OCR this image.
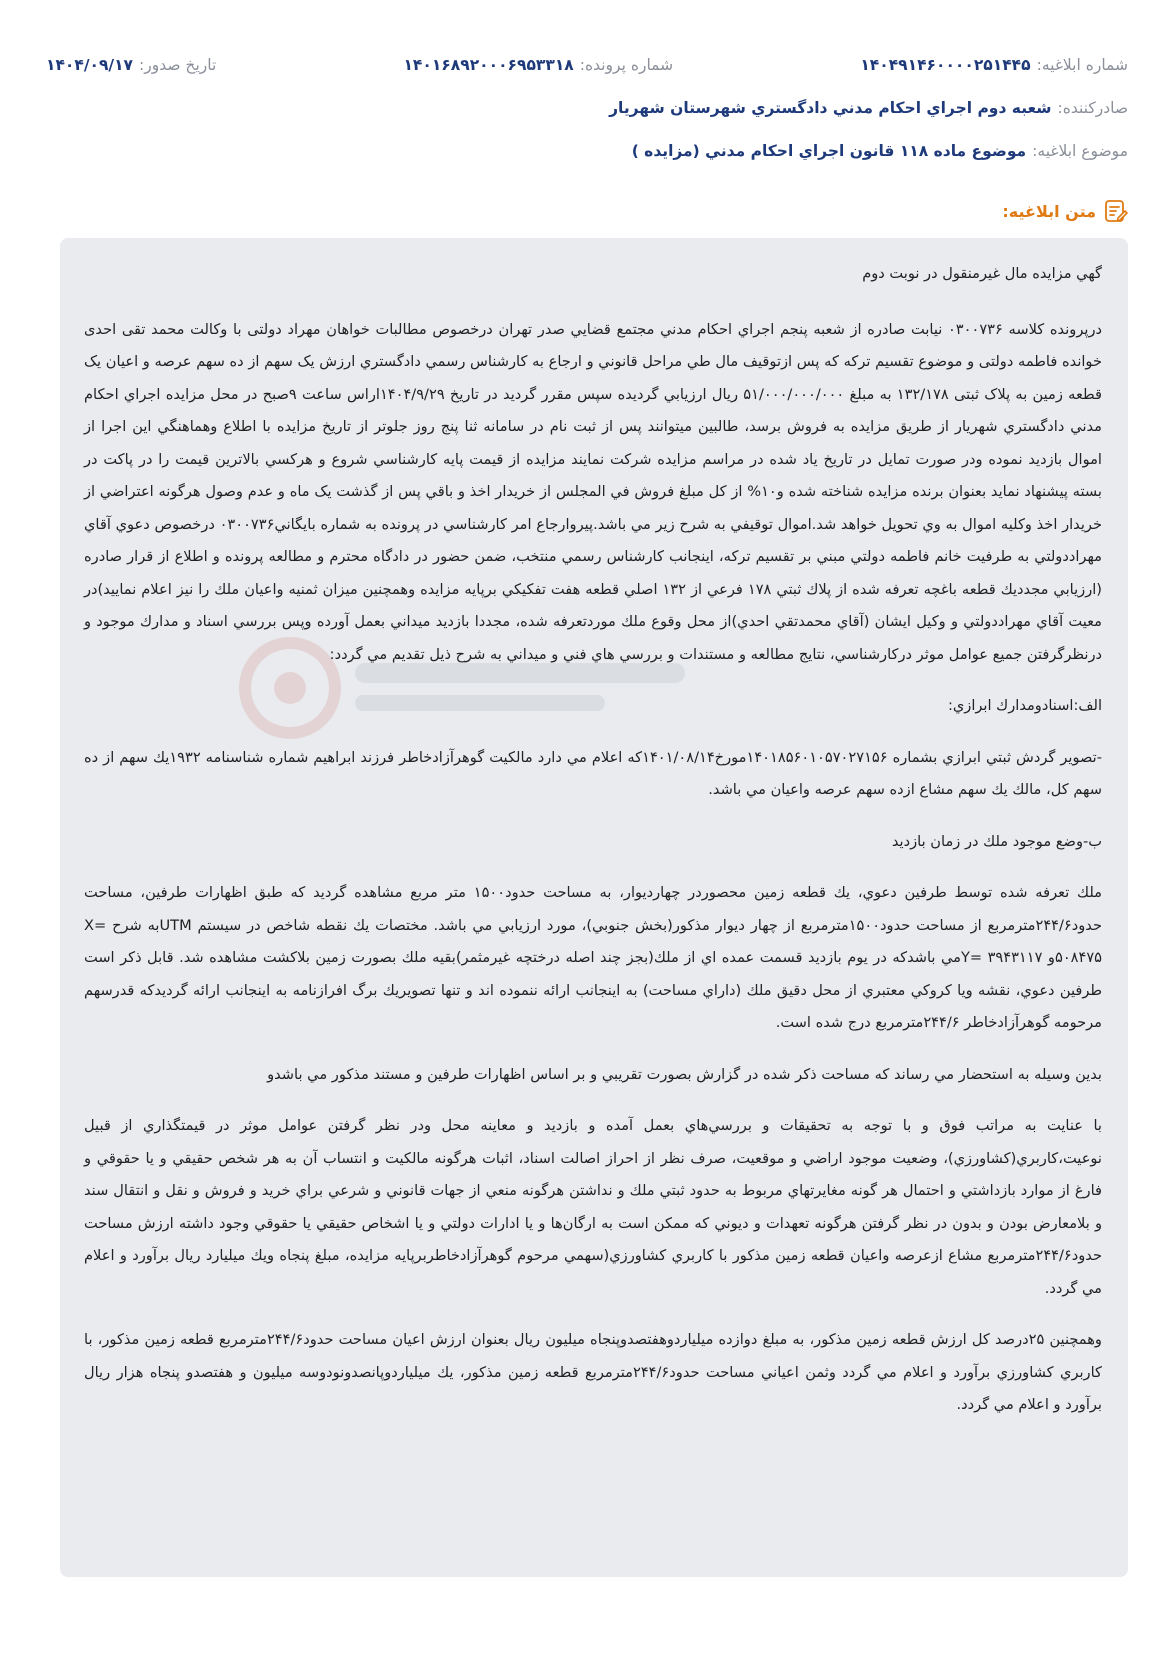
شماره ابلاغيه:
۱۴۰۴۹۱۴۶۰۰۰۰۲۵۱۴۴۵
شماره پرونده:
۱۴۰۱۶۸۹۲۰۰۰۶۹۵۳۳۱۸
تاريخ صدور:
۱۴۰۴/۰۹/۱۷
صادرکننده:
شعبه دوم اجراي احکام مدني دادگستري شهرستان شهريار
موضوع ابلاغيه:
موضوع ماده ۱۱۸ قانون اجراي احکام مدني (مزايده )
متن ابلاغيه:

گهي مزايده مال غيرمنقول در نوبت دوم

درپرونده کلاسه ۰۳۰۰۷۳۶ نيابت صادره از شعبه پنجم اجراي احکام مدني مجتمع قضايي صدر تهران درخصوص مطالبات خواهان مهراد دولتی با وکالت محمد تقی احدی خوانده فاطمه دولتی و موضوع تقسيم ترکه که پس ازتوقيف مال طي مراحل قانوني و ارجاع به کارشناس رسمي دادگستري ارزش يک سهم از ده سهم عرصه و اعيان يک قطعه زمين به پلاک ثبتی ۱۳۲/۱۷۸ به مبلغ ۵۱/۰۰۰/۰۰۰/۰۰۰ ريال ارزيابي گرديده سپس مقرر گرديد در تاريخ ۱۴۰۴/۹/۲۹اراس ساعت ۹صبح در محل مزايده اجراي احکام مدني دادگستري شهريار از طريق مزايده به فروش برسد، طالبين ميتوانند پس از ثبت نام در سامانه ثنا پنج روز جلوتر از تاريخ مزايده با اطلاع وهماهنگي اين اجرا از اموال بازديد نموده ودر صورت تمايل در تاريخ ياد شده در مراسم مزايده شرکت نمايند مزايده از قيمت پايه کارشناسي شروع و هرکسي بالاترين قيمت را در پاکت در بسته پيشنهاد نمايد بعنوان برنده مزايده شناخته شده و۱۰% از کل مبلغ فروش في المجلس از خريدار اخذ و باقي پس از گذشت يک ماه و عدم وصول هرگونه اعتراضي از خريدار اخذ وکليه اموال به وي تحويل خواهد شد.اموال توقيفي به شرح زير مي باشد.پيروارجاع امر کارشناسي در پرونده به شماره بايگاني۰۳۰۰۷۳۶ درخصوص دعوي آقاي مهراددولتي به طرفيت خانم فاطمه دولتي مبني بر تقسيم تركه، اينجانب كارشناس رسمي منتخب، ضمن حضور در دادگاه محترم و مطالعه پرونده و اطلاع از قرار صادره (ارزيابي مجدديك قطعه باغچه تعرفه شده از پلاك ثبتي ۱۷۸ فرعي از ۱۳۲ اصلي قطعه هفت تفكيكي برپايه مزايده وهمچنين ميزان ثمنيه واعيان ملك را نيز اعلام نماييد)در معيت آقاي مهراددولتي و وكيل ايشان (آقاي محمدتقي احدي)از محل وقوع ملك موردتعرفه شده، مجددا بازديد ميداني بعمل آورده وپس بررسي اسناد و مدارك موجود و درنظرگرفتن جميع عوامل موثر دركارشناسي، نتايج مطالعه و مستندات و بررسي هاي فني و ميداني به شرح ذيل تقديم مي گردد:

الف:اسنادومدارك ابرازي:

-تصوير گردش ثبتي ابرازي بشماره ۱۴۰۱۸۵۶۰۱۰۵۷۰۲۷۱۵۶مورخ۱۴۰۱/۰۸/۱۴كه اعلام مي دارد مالكيت گوهرآزادخاطر فرزند ابراهيم شماره شناسنامه ۱۹۳۲يك سهم از ده سهم كل، مالك يك سهم مشاع ازده سهم عرصه واعيان مي باشد.

ب-وضع موجود ملك در زمان بازديد

ملك تعرفه شده توسط طرفين دعوي، يك قطعه زمين محصوردر چهارديوار، به مساحت حدود۱۵۰۰ متر مربع مشاهده گرديد كه طبق اظهارات طرفين، مساحت حدود۲۴۴/۶مترمربع از مساحت حدود۱۵۰۰مترمربع از چهار ديوار مذكور(بخش جنوبي)، مورد ارزيابي مي باشد. مختصات يك نقطه شاخص در سيستم UTMبه شرح X= ۵۰۸۴۷۵و Y= ۳۹۴۳۱۱۷مي باشدكه در يوم بازديد قسمت عمده اي از ملك(بجز چند اصله درختچه غيرمثمر)بقيه ملك بصورت زمين بلاكشت مشاهده شد. قابل ذكر است طرفين دعوي، نقشه ويا كروكي معتبري از محل دقيق ملك (داراي مساحت) به اينجانب ارائه ننموده اند و تنها تصويريك برگ افرازنامه به اينجانب ارائه گرديدكه قدرسهم مرحومه گوهرآزادخاطر ۲۴۴/۶مترمربع درج شده است.

بدين وسيله به استحضار مي رساند كه مساحت ذكر شده در گزارش بصورت تقريبي و بر اساس اظهارات طرفين و مستند مذكور مي باشدو

با عنايت به مراتب فوق و با توجه به تحقيقات و بررسي‌هاي بعمل آمده و بازديد و معاينه محل ودر نظر گرفتن عوامل موثر در قيمتگذاري از قبيل نوعيت،كاربري(كشاورزي)، وضعيت موجود اراضي و موقعيت، صرف نظر از احراز اصالت اسناد، اثبات هرگونه مالكيت و انتساب آن به هر شخص حقيقي و يا حقوقي و فارغ از موارد بازداشتي و احتمال هر گونه مغايرتهاي مربوط به حدود ثبتي ملك و نداشتن هرگونه منعي از جهات قانوني و شرعي براي خريد و فروش و نقل و انتقال سند و بلامعارض بودن و بدون در نظر گرفتن هرگونه تعهدات و ديوني كه ممكن است به ارگان‌ها و يا ادارات دولتي و يا اشخاص حقيقي يا حقوقي وجود داشته ارزش مساحت حدود۲۴۴/۶مترمربع مشاع ازعرصه واعيان قطعه زمين مذكور با كاربري كشاورزي(سهمي مرحوم گوهرآزادخاطربرپايه مزايده، مبلغ پنجاه ويك ميليارد ريال برآورد و اعلام مي گردد.

وهمچنين ۲۵درصد كل ارزش قطعه زمين مذكور، به مبلغ دوازده ميلياردوهفتصدوپنجاه ميليون ريال بعنوان ارزش اعيان مساحت حدود۲۴۴/۶مترمربع قطعه زمين مذكور، با كاربري كشاورزي برآورد و اعلام مي گردد وثمن اعياني مساحت حدود۲۴۴/۶مترمربع قطعه زمين مذكور، يك ميلياردوپانصدونودوسه ميليون و هفتصدو پنجاه هزار ريال برآورد و اعلام مي گردد.
